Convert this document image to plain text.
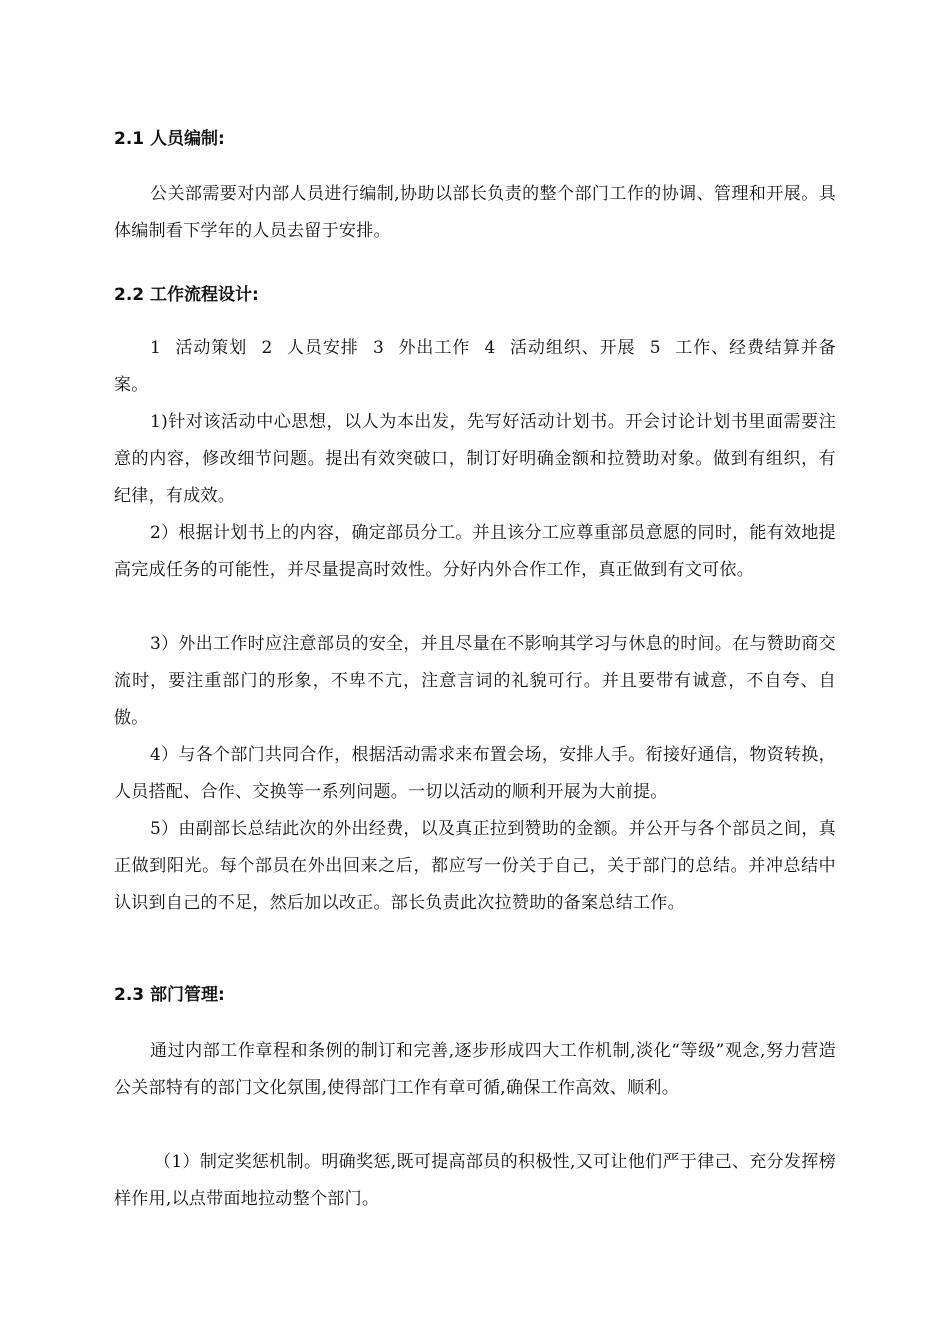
2.1 人员编制:

公关部需要对内部人员进行编制,协助以部长负责的整个部门工作的协调、管理和开展。具体编制看下学年的人员去留于安排。

2.2 工作流程设计:

1 活动策划 2 人员安排 3 外出工作 4 活动组织、开展 5 工作、经费结算并备案。

1)针对该活动中心思想，以人为本出发，先写好活动计划书。开会讨论计划书里面需要注意的内容，修改细节问题。提出有效突破口，制订好明确金额和拉赞助对象。做到有组织，有纪律，有成效。

2）根据计划书上的内容，确定部员分工。并且该分工应尊重部员意愿的同时，能有效地提高完成任务的可能性，并尽量提高时效性。分好内外合作工作，真正做到有文可依。

3）外出工作时应注意部员的安全，并且尽量在不影响其学习与休息的时间。在与赞助商交流时，要注重部门的形象，不卑不亢，注意言词的礼貌可行。并且要带有诚意，不自夸、自傲。

4）与各个部门共同合作，根据活动需求来布置会场，安排人手。衔接好通信，物资转换，人员搭配、合作、交换等一系列问题。一切以活动的顺利开展为大前提。

5）由副部长总结此次的外出经费，以及真正拉到赞助的金额。并公开与各个部员之间，真正做到阳光。每个部员在外出回来之后，都应写一份关于自己，关于部门的总结。并冲总结中认识到自己的不足，然后加以改正。部长负责此次拉赞助的备案总结工作。

2.3 部门管理:

通过内部工作章程和条例的制订和完善,逐步形成四大工作机制,淡化“等级”观念,努力营造公关部特有的部门文化氛围,使得部门工作有章可循,确保工作高效、顺利。

（1）制定奖惩机制。明确奖惩,既可提高部员的积极性,又可让他们严于律己、充分发挥榜样作用,以点带面地拉动整个部门。
